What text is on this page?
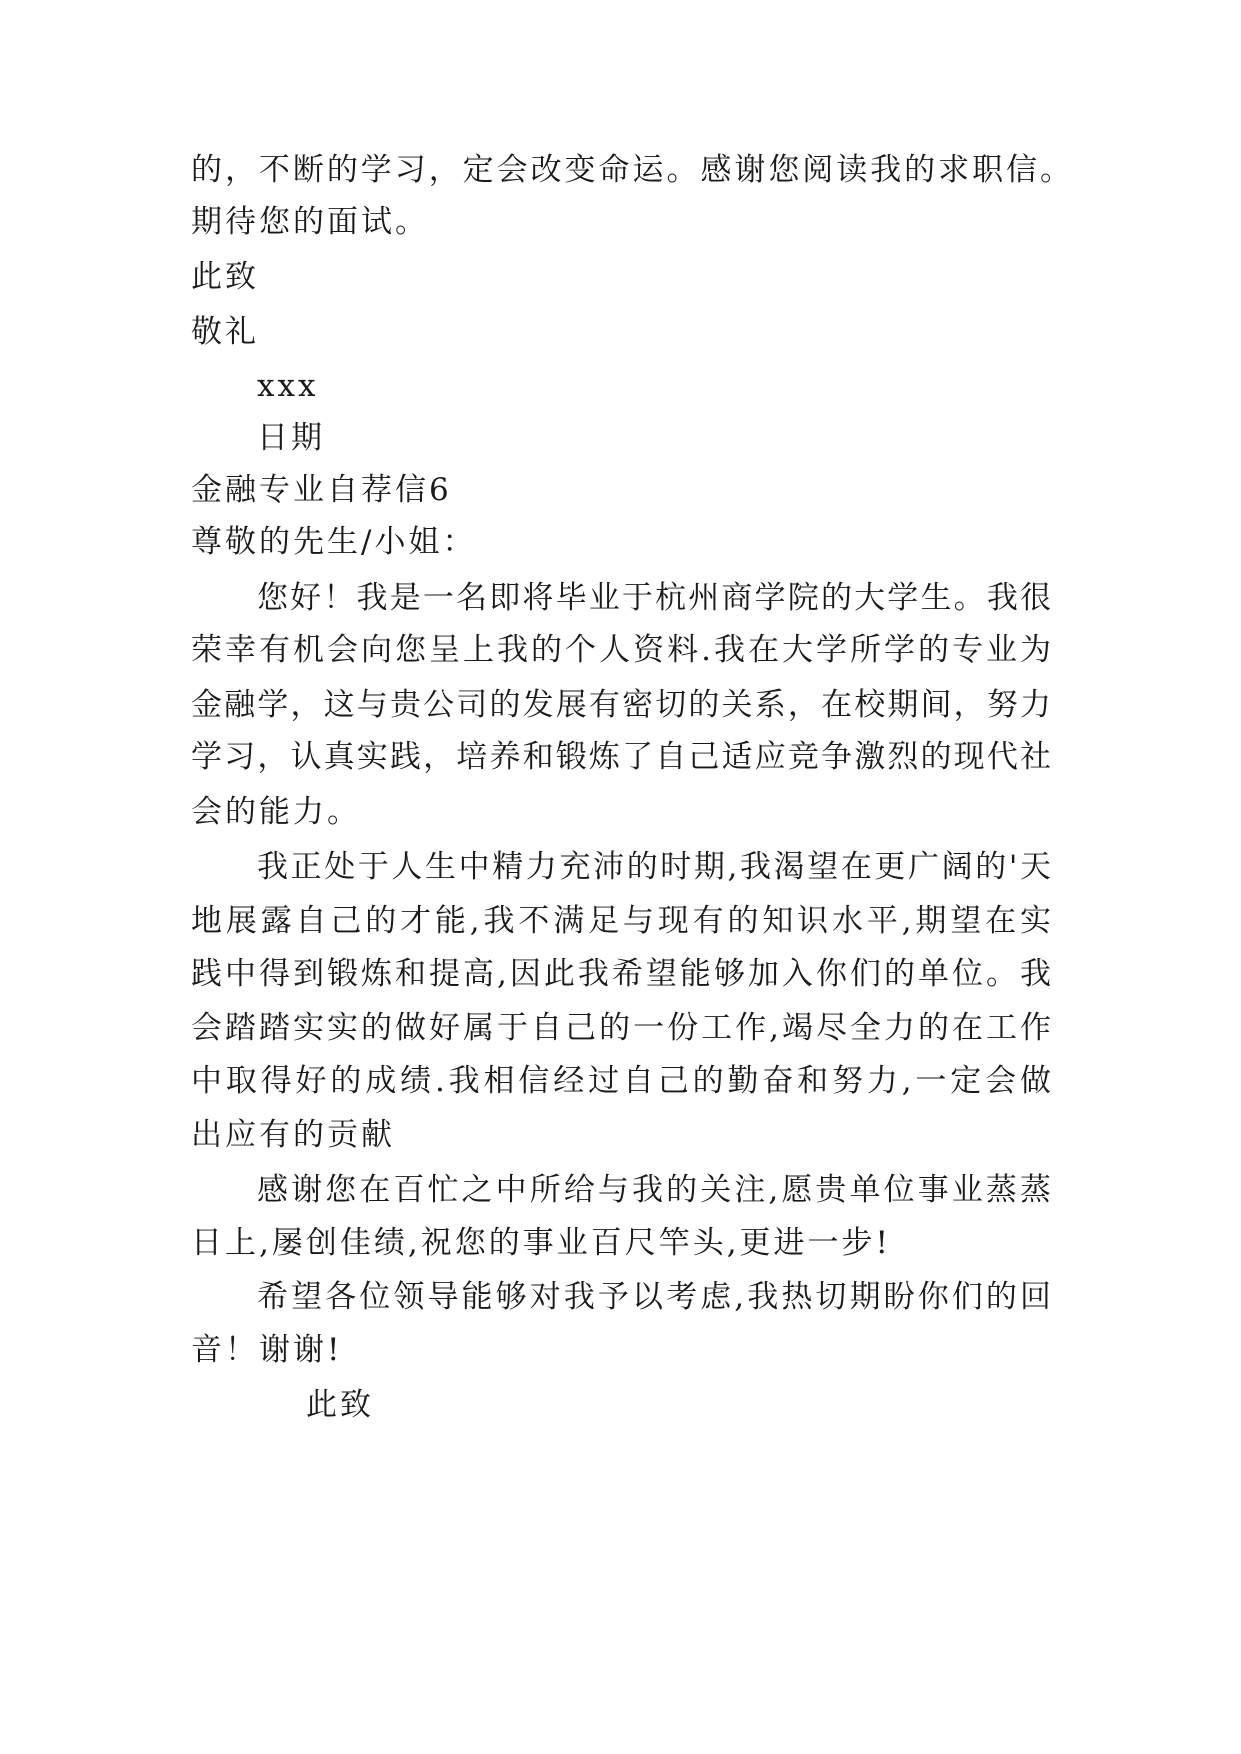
的，不断的学习，定会改变命运。感谢您阅读我的求职信。
期待您的面试。
此致
敬礼
xxx
日期
金融专业自荐信6
尊敬的先生/小姐：
您好！我是一名即将毕业于杭州商学院的大学生。我很
荣幸有机会向您呈上我的个人资料.我在大学所学的专业为
金融学，这与贵公司的发展有密切的关系，在校期间，努力
学习，认真实践，培养和锻炼了自己适应竞争激烈的现代社
会的能力。
我正处于人生中精力充沛的时期,我渴望在更广阔的'天
地展露自己的才能,我不满足与现有的知识水平,期望在实
践中得到锻炼和提高,因此我希望能够加入你们的单位。我
会踏踏实实的做好属于自己的一份工作,竭尽全力的在工作
中取得好的成绩.我相信经过自己的勤奋和努力,一定会做
出应有的贡献
感谢您在百忙之中所给与我的关注,愿贵单位事业蒸蒸
日上,屡创佳绩,祝您的事业百尺竿头,更进一步!
希望各位领导能够对我予以考虑,我热切期盼你们的回
音！谢谢!
此致
